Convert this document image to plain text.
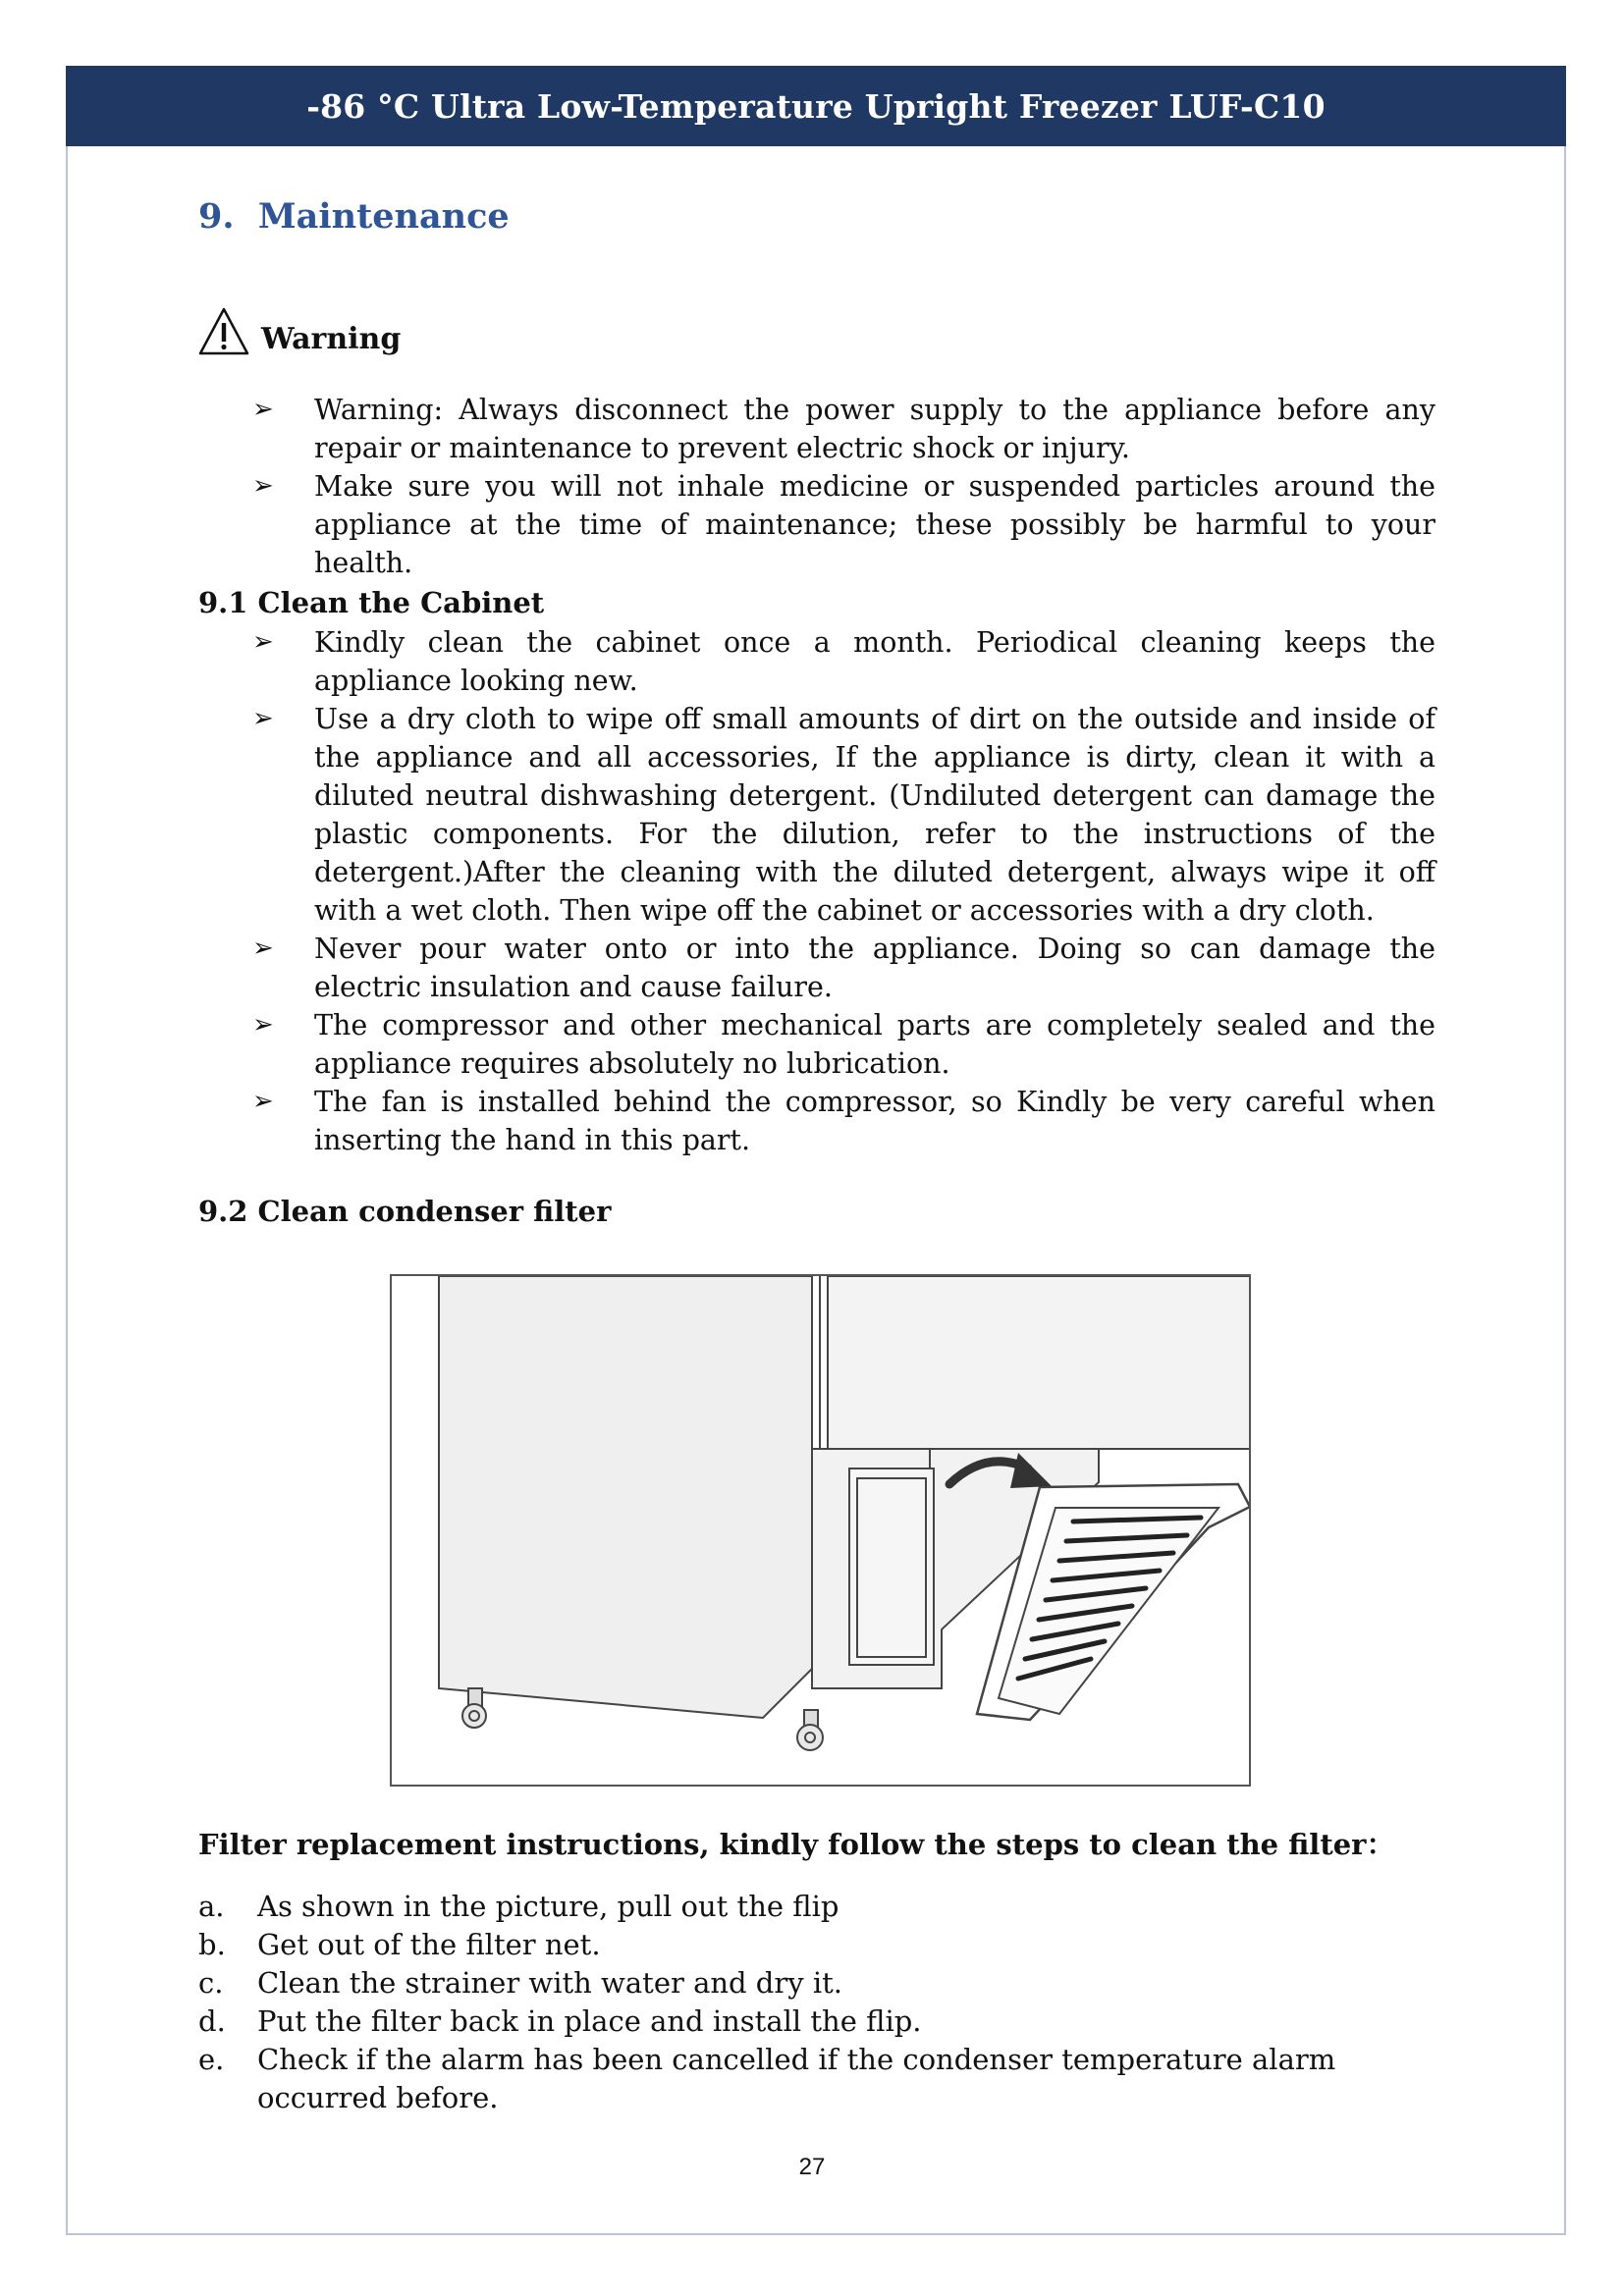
-86 °C Ultra Low-Temperature Upright Freezer LUF-C10
9. Maintenance
Warning
➢ Warning: Always disconnect the power supply to the appliance before any repair or maintenance to prevent electric shock or injury.
➢ Make sure you will not inhale medicine or suspended particles around the appliance at the time of maintenance; these possibly be harmful to your health.
9.1 Clean the Cabinet
➢ Kindly clean the cabinet once a month. Periodical cleaning keeps the appliance looking new.
➢ Use a dry cloth to wipe off small amounts of dirt on the outside and inside of the appliance and all accessories, If the appliance is dirty, clean it with a diluted neutral dishwashing detergent. (Undiluted detergent can damage the plastic components. For the dilution, refer to the instructions of the detergent.)After the cleaning with the diluted detergent, always wipe it off with a wet cloth. Then wipe off the cabinet or accessories with a dry cloth.
➢ Never pour water onto or into the appliance. Doing so can damage the electric insulation and cause failure.
➢ The compressor and other mechanical parts are completely sealed and the appliance requires absolutely no lubrication.
➢ The fan is installed behind the compressor, so Kindly be very careful when inserting the hand in this part.
9.2 Clean condenser filter
Filter replacement instructions, kindly follow the steps to clean the filter：
a. As shown in the picture, pull out the flip
b. Get out of the filter net.
c. Clean the strainer with water and dry it.
d. Put the filter back in place and install the flip.
e. Check if the alarm has been cancelled if the condenser temperature alarm occurred before.
27
